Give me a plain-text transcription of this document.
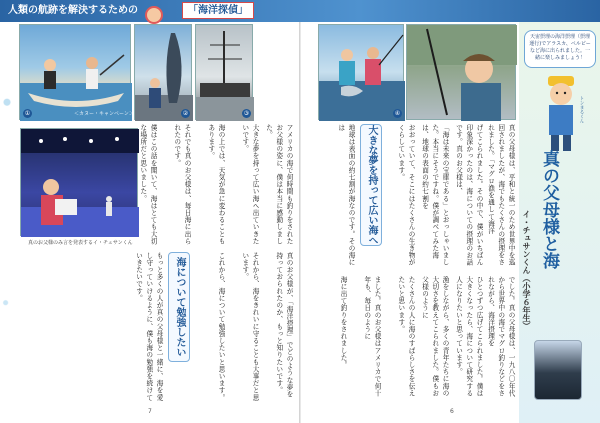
人類の航跡を解決するための	「海洋探偵」
①	＜カヌー・キャンペーン＞	②	③	④
真のお父様のみ言を発表するイ・チュサンくん
天宙摂理の海洋摂理（摂理運行)でアラスカ、ペルビーなど海に出られました。一緒に楽しみましょう！
トンまるくん
真の父母様と海
イ・チュサンくん（小学６年生）
真の父母様は、平和と統一のため世界中を巡回されましたが、海でもたくさんの摂理をされました。「マグロ漁を通して海洋
げてこられました。その中で、僕がいちばん印象深かったのは、海についての摂理のお話です。真のお父様は、
「海は未来の宝庫である」とおっしゃいました。本当にそうですね。僕が調べてみた海は、地球の表面の約七割を
おおっていて、そこにはたくさんの生き物がくらしています。
大きな夢を持って広い海へ
地球は表面の約七割が海なのです。その海には
でした。真の父母様は、一九八〇年代から世界中の海でマグロ釣りなどをされながら、海洋摂理を
ひとつずつ広げてこられました。僕は大きくなったら、海について研究する人になりたいと思っています。
漁をしながら、多くの青年たちに海の大切さを教えてこられました。僕もお父様のように
たくさんの人に海のすばらしさを伝えたいと思います。
ました。真のお父様はアメリカで何十年も、毎日のように
海に出て釣りをされました。
アメリカの海で何時間も釣りをされたお父様の姿に、僕は本当に感動しました。
大きな夢を持って広い海へ出ていきたいです。
海の上では、天気が急に変わることもあります。
それでも真のお父様は、毎日海に出られたのです。
僕はこの話を聞いて、海はとても大切な場所だと思いました。
真のお父様が、「海洋摂理」でどのような夢を持っておられたのか、もっと知りたいです。
それから、海をきれいに守ることも大事だと思います。
これから、海について勉強したいと思います。
海について勉強したい
もっと多くの人が真の父母様と一緒に、海を愛し守っていけるように、僕も海の勉強を続けていきたいです。
7	6
